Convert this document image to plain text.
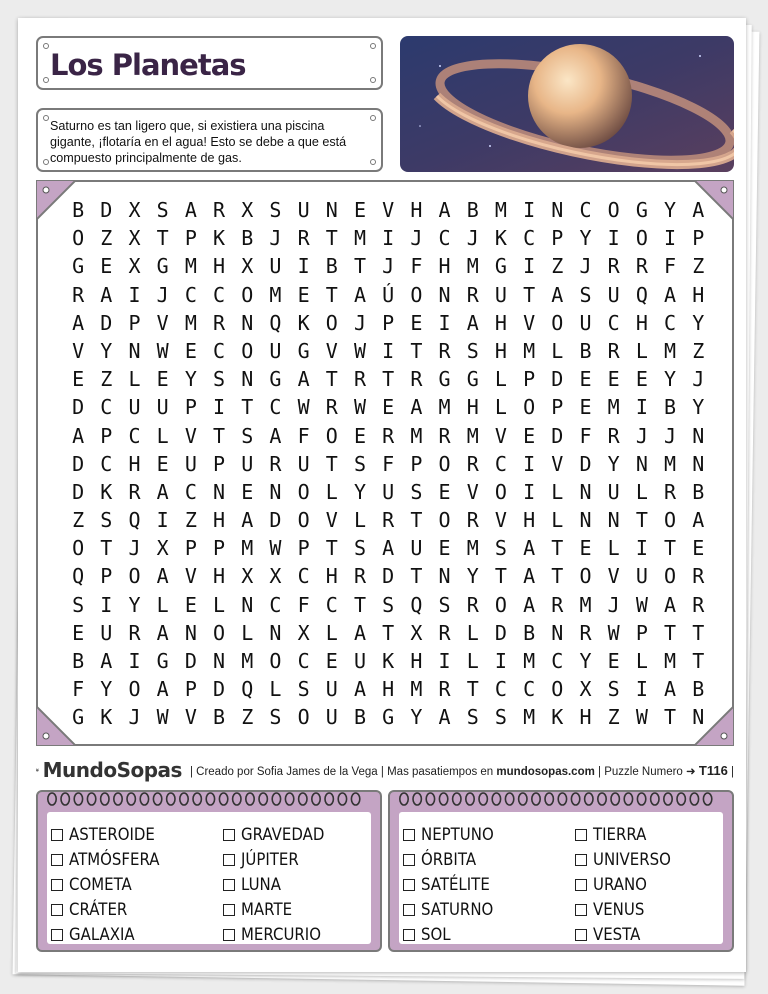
Los Planetas

Saturno es tan ligero que, si existiera una piscina gigante, ¡flotaría en el agua! Esto se debe a que está compuesto principalmente de gas.

B D X S A R X S U N E V H A B M I N C O G Y A
O Z X T P K B J R T M I J C J K C P Y I O I P
G E X G M H X U I B T J F H M G I Z J R R F Z
R A I J C C O M E T A Ú O N R U T A S U Q A H
A D P V M R N Q K O J P E I A H V O U C H C Y
V Y N W E C O U G V W I T R S H M L B R L M Z
E Z L E Y S N G A T R T R G G L P D E E E Y J
D C U U P I T C W R W E A M H L O P E M I B Y
A P C L V T S A F O E R M R M V E D F R J J N
D C H E U P U R U T S F P O R C I V D Y N M N
D K R A C N E N O L Y U S E V O I L N U L R B
Z S Q I Z H A D O V L R T O R V H L N N T O A
O T J X P P M W P T S A U E M S A T E L I T E
Q P O A V H X X C H R D T N Y T A T O V U O R
S I Y L E L N C F C T S Q S R O A R M J W A R
E U R A N O L N X L A T X R L D B N R W P T T
B A I G D N M O C E U K H I L I M C Y E L M T
F Y O A P D Q L S U A H M R T C C O X S I A B
G K J W V B Z S O U B G Y A S S M K H Z W T N
MundoSopas | Creado por Sofia James de la Vega | Mas pasatiempos en mundosopas.com | Puzzle Numero ➜ T116 |
ASTEROIDE
ATMÓSFERA
COMETA
CRÁTER
GALAXIA
GRAVEDAD
JÚPITER
LUNA
MARTE
MERCURIO
NEPTUNO
ÓRBITA
SATÉLITE
SATURNO
SOL
TIERRA
UNIVERSO
URANO
VENUS
VESTA
